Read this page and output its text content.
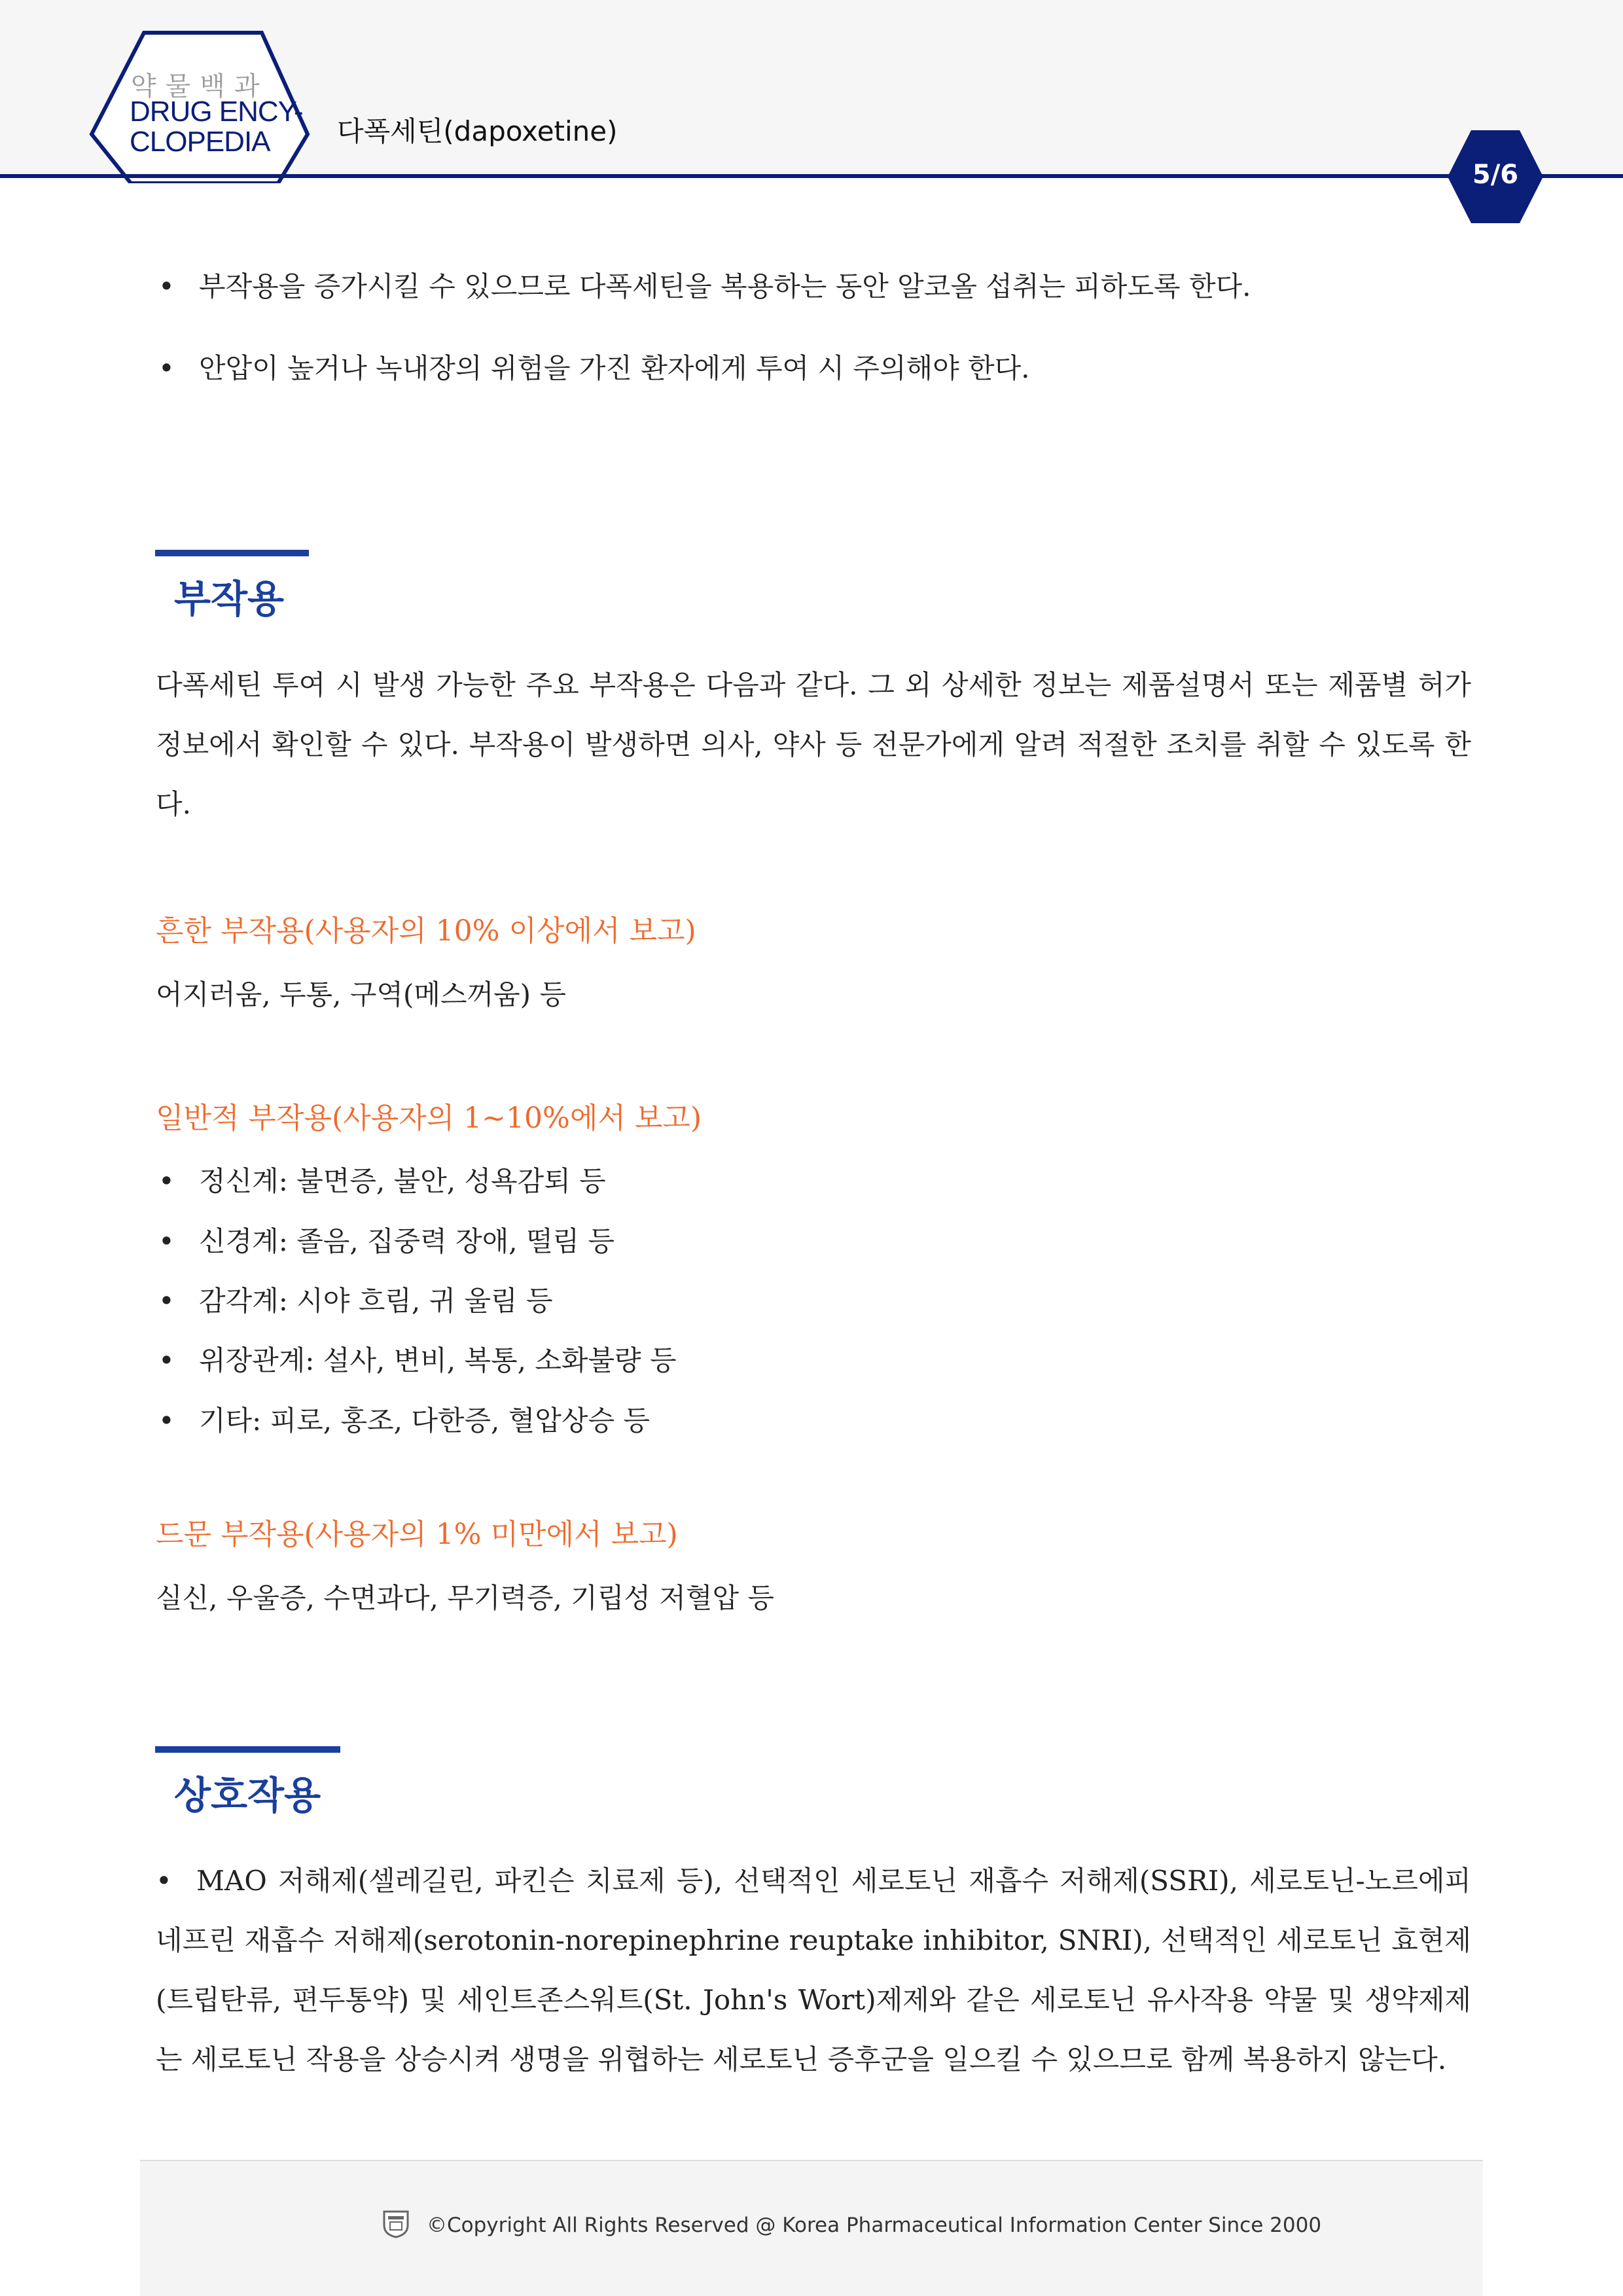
약물백과
DRUG ENCY-
CLOPEDIA	다폭세틴(dapoxetine)
5/6
• 부작용을 증가시킬 수 있으므로 다폭세틴을 복용하는 동안 알코올 섭취는 피하도록 한다.
• 안압이 높거나 녹내장의 위험을 가진 환자에게 투여 시 주의해야 한다.
부작용
다폭세틴 투여 시 발생 가능한 주요 부작용은 다음과 같다. 그 외 상세한 정보는 제품설명서 또는 제품별 허가정보에서 확인할 수 있다. 부작용이 발생하면 의사, 약사 등 전문가에게 알려 적절한 조치를 취할 수 있도록 한다.
흔한 부작용(사용자의 10% 이상에서 보고)
어지러움, 두통, 구역(메스꺼움) 등
일반적 부작용(사용자의 1~10%에서 보고)
• 정신계: 불면증, 불안, 성욕감퇴 등
• 신경계: 졸음, 집중력 장애, 떨림 등
• 감각계: 시야 흐림, 귀 울림 등
• 위장관계: 설사, 변비, 복통, 소화불량 등
• 기타: 피로, 홍조, 다한증, 혈압상승 등
드문 부작용(사용자의 1% 미만에서 보고)
실신, 우울증, 수면과다, 무기력증, 기립성 저혈압 등
상호작용
• MAO 저해제(셀레길린, 파킨슨 치료제 등), 선택적인 세로토닌 재흡수 저해제(SSRI), 세로토닌-노르에피네프린 재흡수 저해제(serotonin-norepinephrine reuptake inhibitor, SNRI), 선택적인 세로토닌 효현제(트립탄류, 편두통약) 및 세인트존스워트(St. John's Wort)제제와 같은 세로토닌 유사작용 약물 및 생약제제는 세로토닌 작용을 상승시켜 생명을 위협하는 세로토닌 증후군을 일으킬 수 있으므로 함께 복용하지 않는다.
©Copyright All Rights Reserved @ Korea Pharmaceutical Information Center Since 2000
